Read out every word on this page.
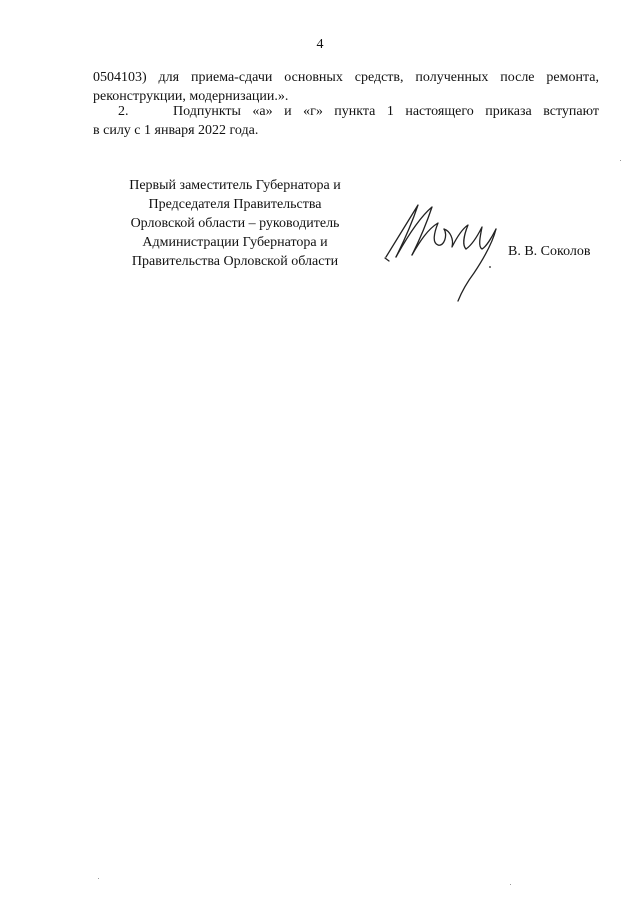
4
0504103) для приема-сдачи основных средств, полученных после ремонта,
реконструкции, модернизации.».
2.	Подпункты «а» и «г» пункта 1 настоящего приказа вступают
в силу с 1 января 2022 года.
Первый заместитель Губернатора и
Председателя Правительства
Орловской области – руководитель
Администрации Губернатора и
Правительства Орловской области
В. В. Соколов
